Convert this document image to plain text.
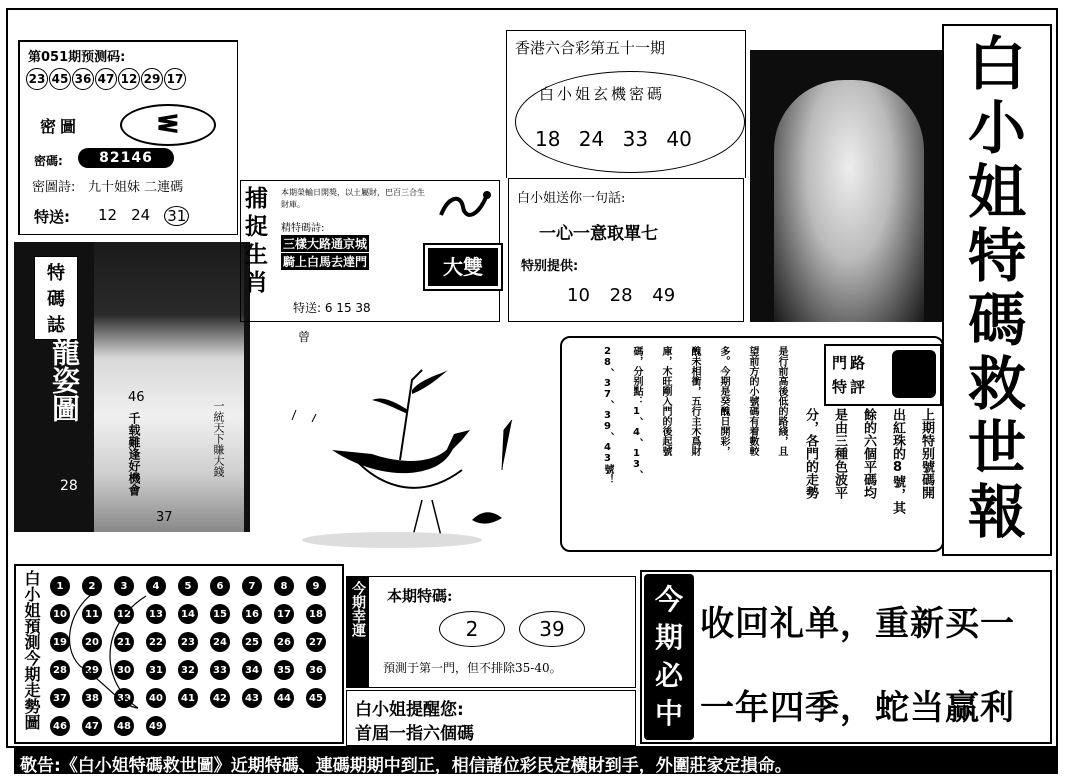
第051期预测码:
23 45 36 47 12 29 17
密圖	ᓬ
密碼:	82146
密圖詩: 九十姐妹 二連碼
特送: 12 24 31
特
碼
誌
龍姿圖	46
千载難逢好機會	一統天下賺大錢
28
37
捕
捉
生
肖
本期榮輸日開獎，以土屬財，巴百三合生財庫。
精特碼詩:
三樣大路通京城
騎上白馬去達門	大雙
特送: 6 15 38
曾
香港六合彩第五十一期
白小姐玄機密碼
18 24 33 40
白小姐送你一句話:
一心一意取單七
特别提供:
10 28 49
白
小
姐
特
碼
救
世
報
門路
特評
上期特别號碼開
出紅珠的8號，其
餘的六個平碼均
是由三種色波平
分，各門的走勢
是行前高後低的路綫，且
望前方的小號碼有着數較
多。今期是癸醜日開彩，
醜未相衝，五行主木爲財
庫，木旺剛入門的後起號
碼，分别點：1、4、13、
28、37、39、43號！
白小姐預測今期走勢圖	1	2	3	4	5	6	7	8	9
10	11	12	13	14	15	16	17	18
19	20	21	22	23	24	25	26	27
28	29	30	31	32	33	34	35	36
37	38	39	40	41	42	43	44	45
46	47	48	49
今期幸運 本期特碼:
2	39
預測于第一門，但不排除35-40。
白小姐提醒您:
首屆一指六個碼
今
期
必
中
收回礼单，重新买一
一年四季，蛇当赢利
敬告:《白小姐特碼救世圖》近期特碼、連碼期期中到正，相信諸位彩民定橫財到手，外圍莊家定損命。
